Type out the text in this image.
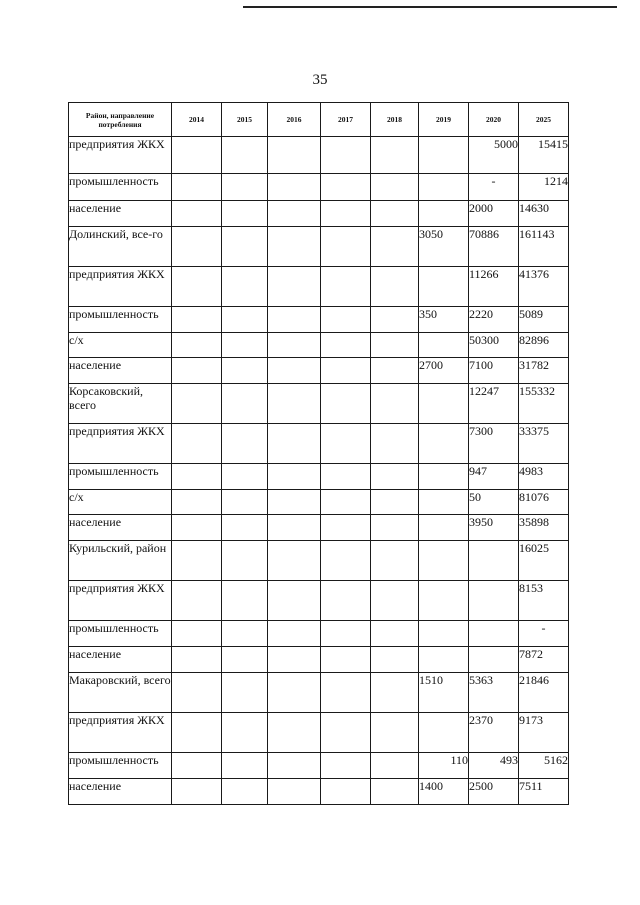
35
Район, направление потребления	2014	2015	2016	2017	2018	2019	2020	2025
предприятия ЖКХ							5000	15415
промышленность							-	1214
население							2000	14630
Долинский, все-го						3050	70886	161143
предприятия ЖКХ							11266	41376
промышленность						350	2220	5089
с/х							50300	82896
население						2700	7100	31782
Корсаковский, всего							12247	155332
предприятия ЖКХ							7300	33375
промышленность							947	4983
с/х							50	81076
население							3950	35898
Курильский, район								16025
предприятия ЖКХ								8153
промышленность								-
население								7872
Макаровский, всего						1510	5363	21846
предприятия ЖКХ							2370	9173
промышленность						110	493	5162
население						1400	2500	7511
